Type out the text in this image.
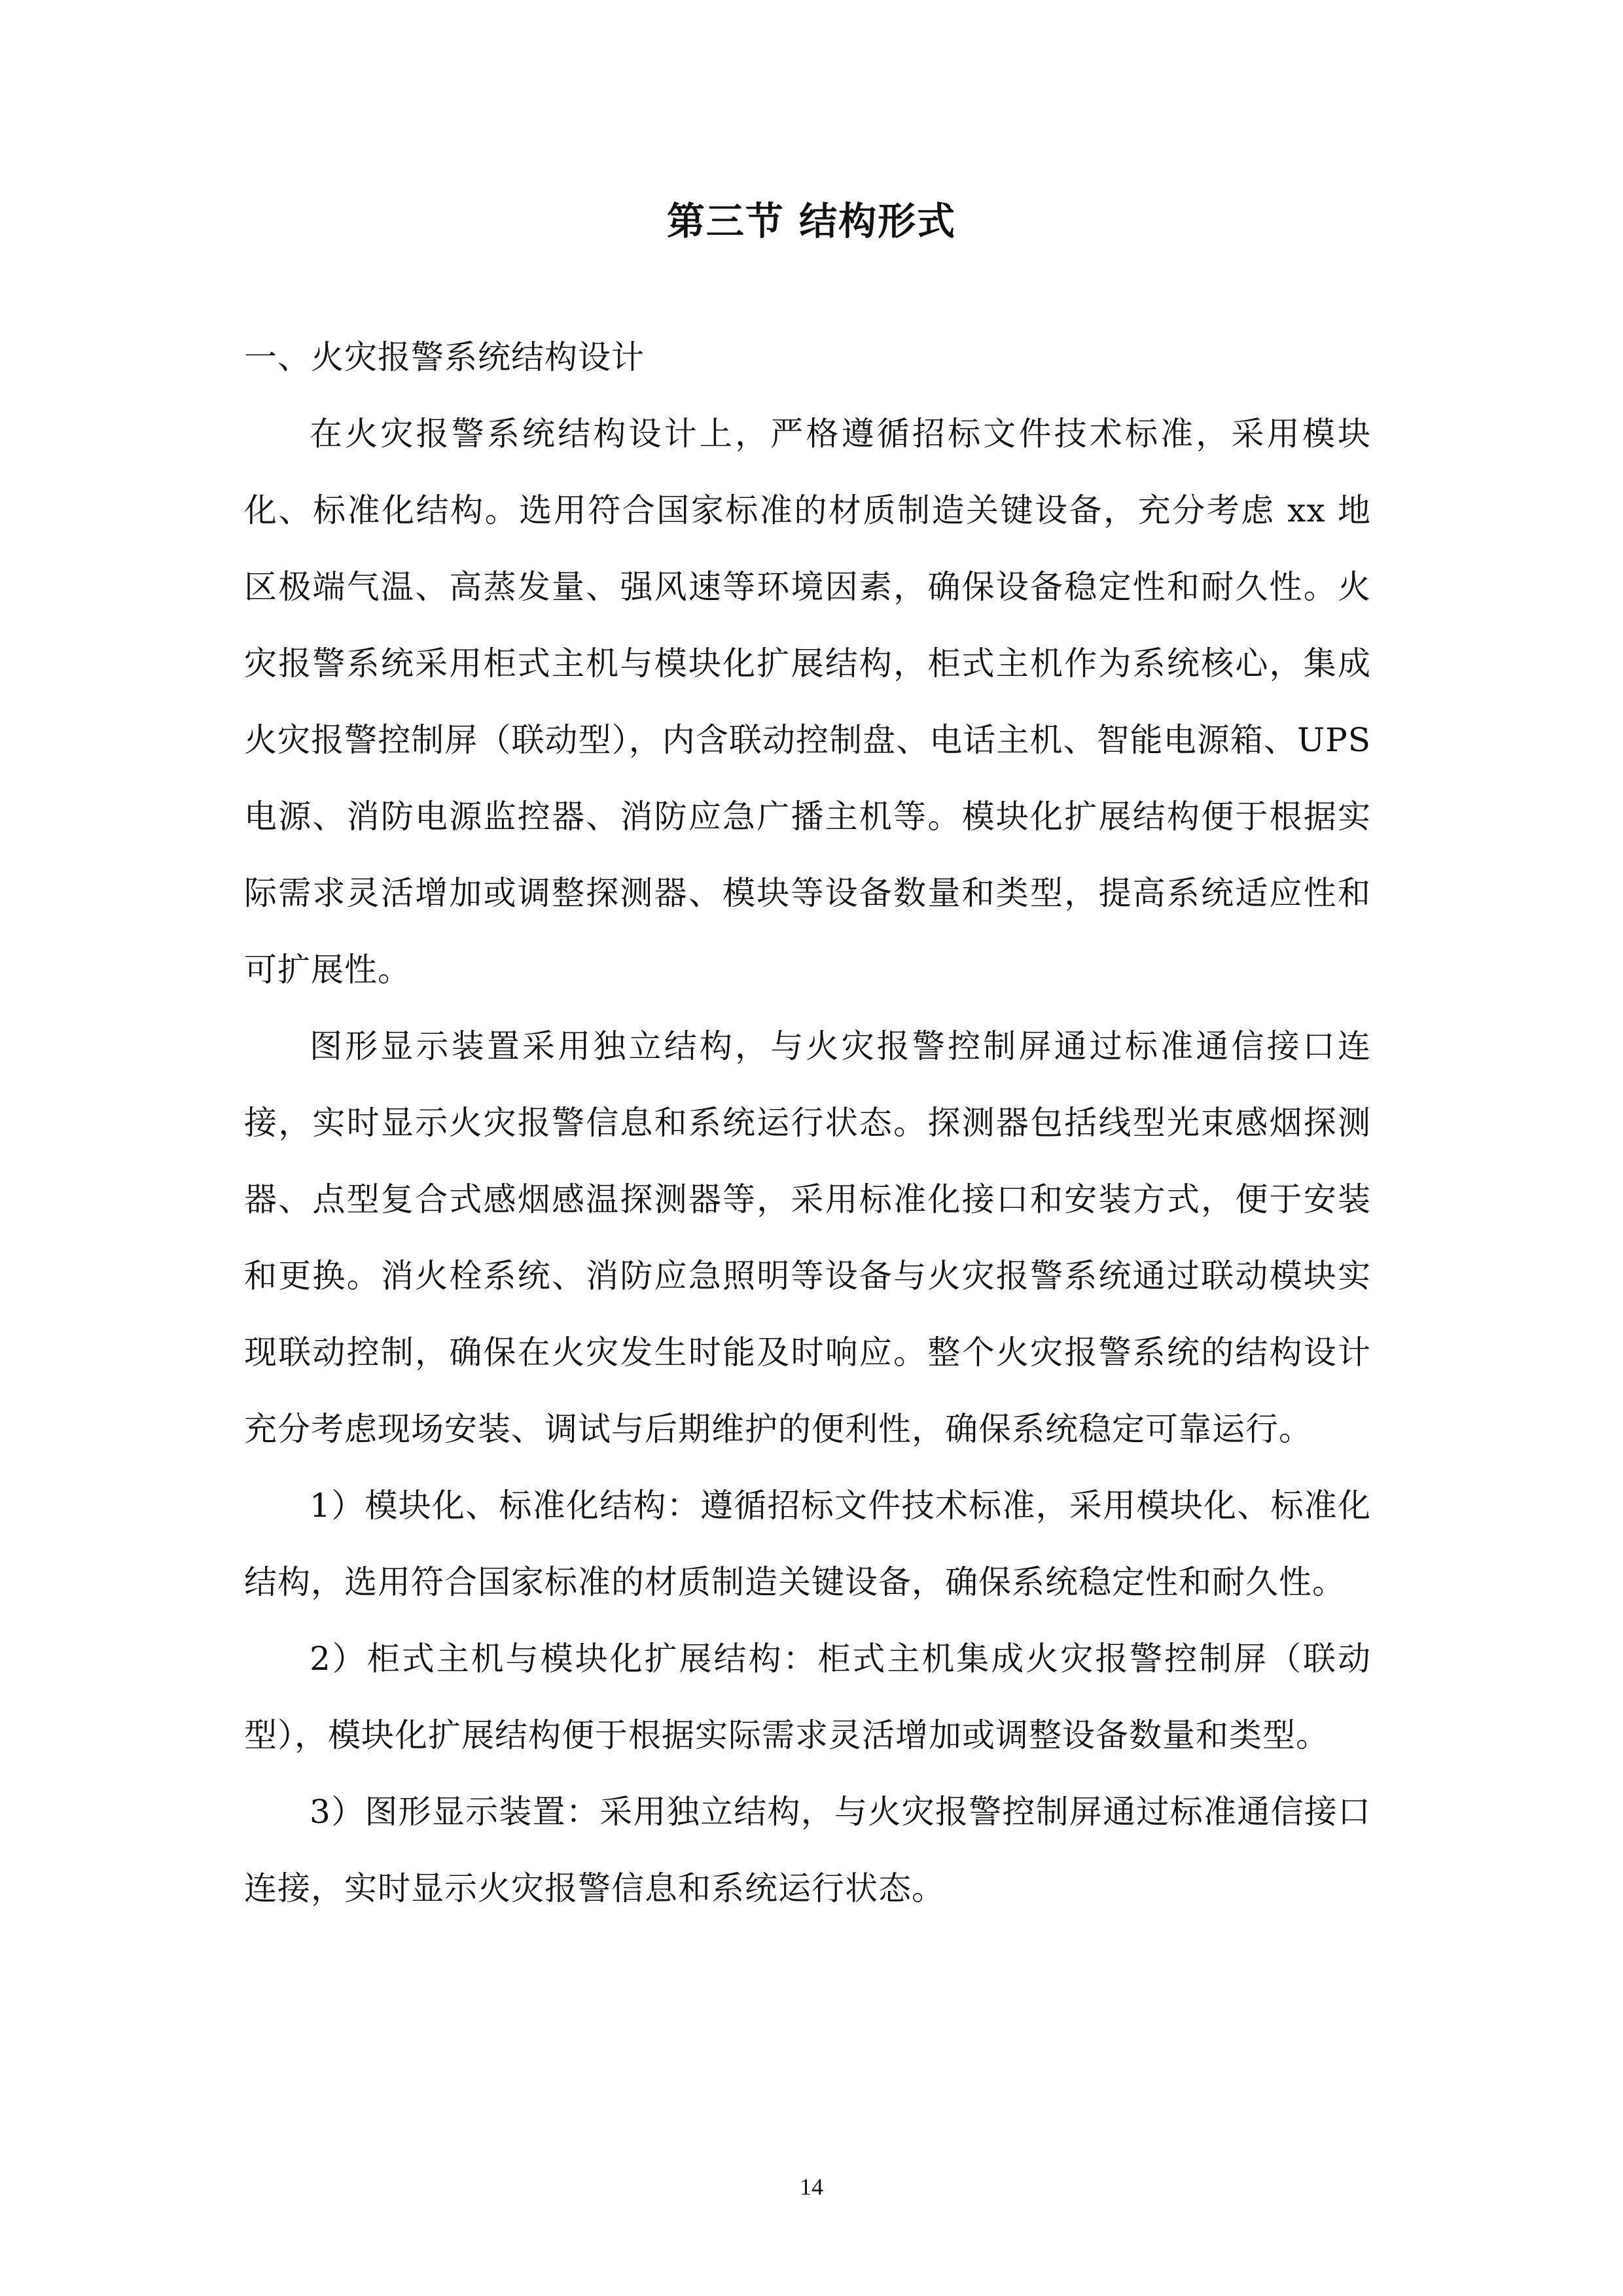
第三节 结构形式

一、火灾报警系统结构设计

在火灾报警系统结构设计上，严格遵循招标文件技术标准，采用模块化、标准化结构。选用符合国家标准的材质制造关键设备，充分考虑 xx 地区极端气温、高蒸发量、强风速等环境因素，确保设备稳定性和耐久性。火灾报警系统采用柜式主机与模块化扩展结构，柜式主机作为系统核心，集成火灾报警控制屏（联动型），内含联动控制盘、电话主机、智能电源箱、UPS 电源、消防电源监控器、消防应急广播主机等。模块化扩展结构便于根据实际需求灵活增加或调整探测器、模块等设备数量和类型，提高系统适应性和可扩展性。

图形显示装置采用独立结构，与火灾报警控制屏通过标准通信接口连接，实时显示火灾报警信息和系统运行状态。探测器包括线型光束感烟探测器、点型复合式感烟感温探测器等，采用标准化接口和安装方式，便于安装和更换。消火栓系统、消防应急照明等设备与火灾报警系统通过联动模块实现联动控制，确保在火灾发生时能及时响应。整个火灾报警系统的结构设计充分考虑现场安装、调试与后期维护的便利性，确保系统稳定可靠运行。

1）模块化、标准化结构：遵循招标文件技术标准，采用模块化、标准化结构，选用符合国家标准的材质制造关键设备，确保系统稳定性和耐久性。

2）柜式主机与模块化扩展结构：柜式主机集成火灾报警控制屏（联动型），模块化扩展结构便于根据实际需求灵活增加或调整设备数量和类型。

3）图形显示装置：采用独立结构，与火灾报警控制屏通过标准通信接口连接，实时显示火灾报警信息和系统运行状态。

14
